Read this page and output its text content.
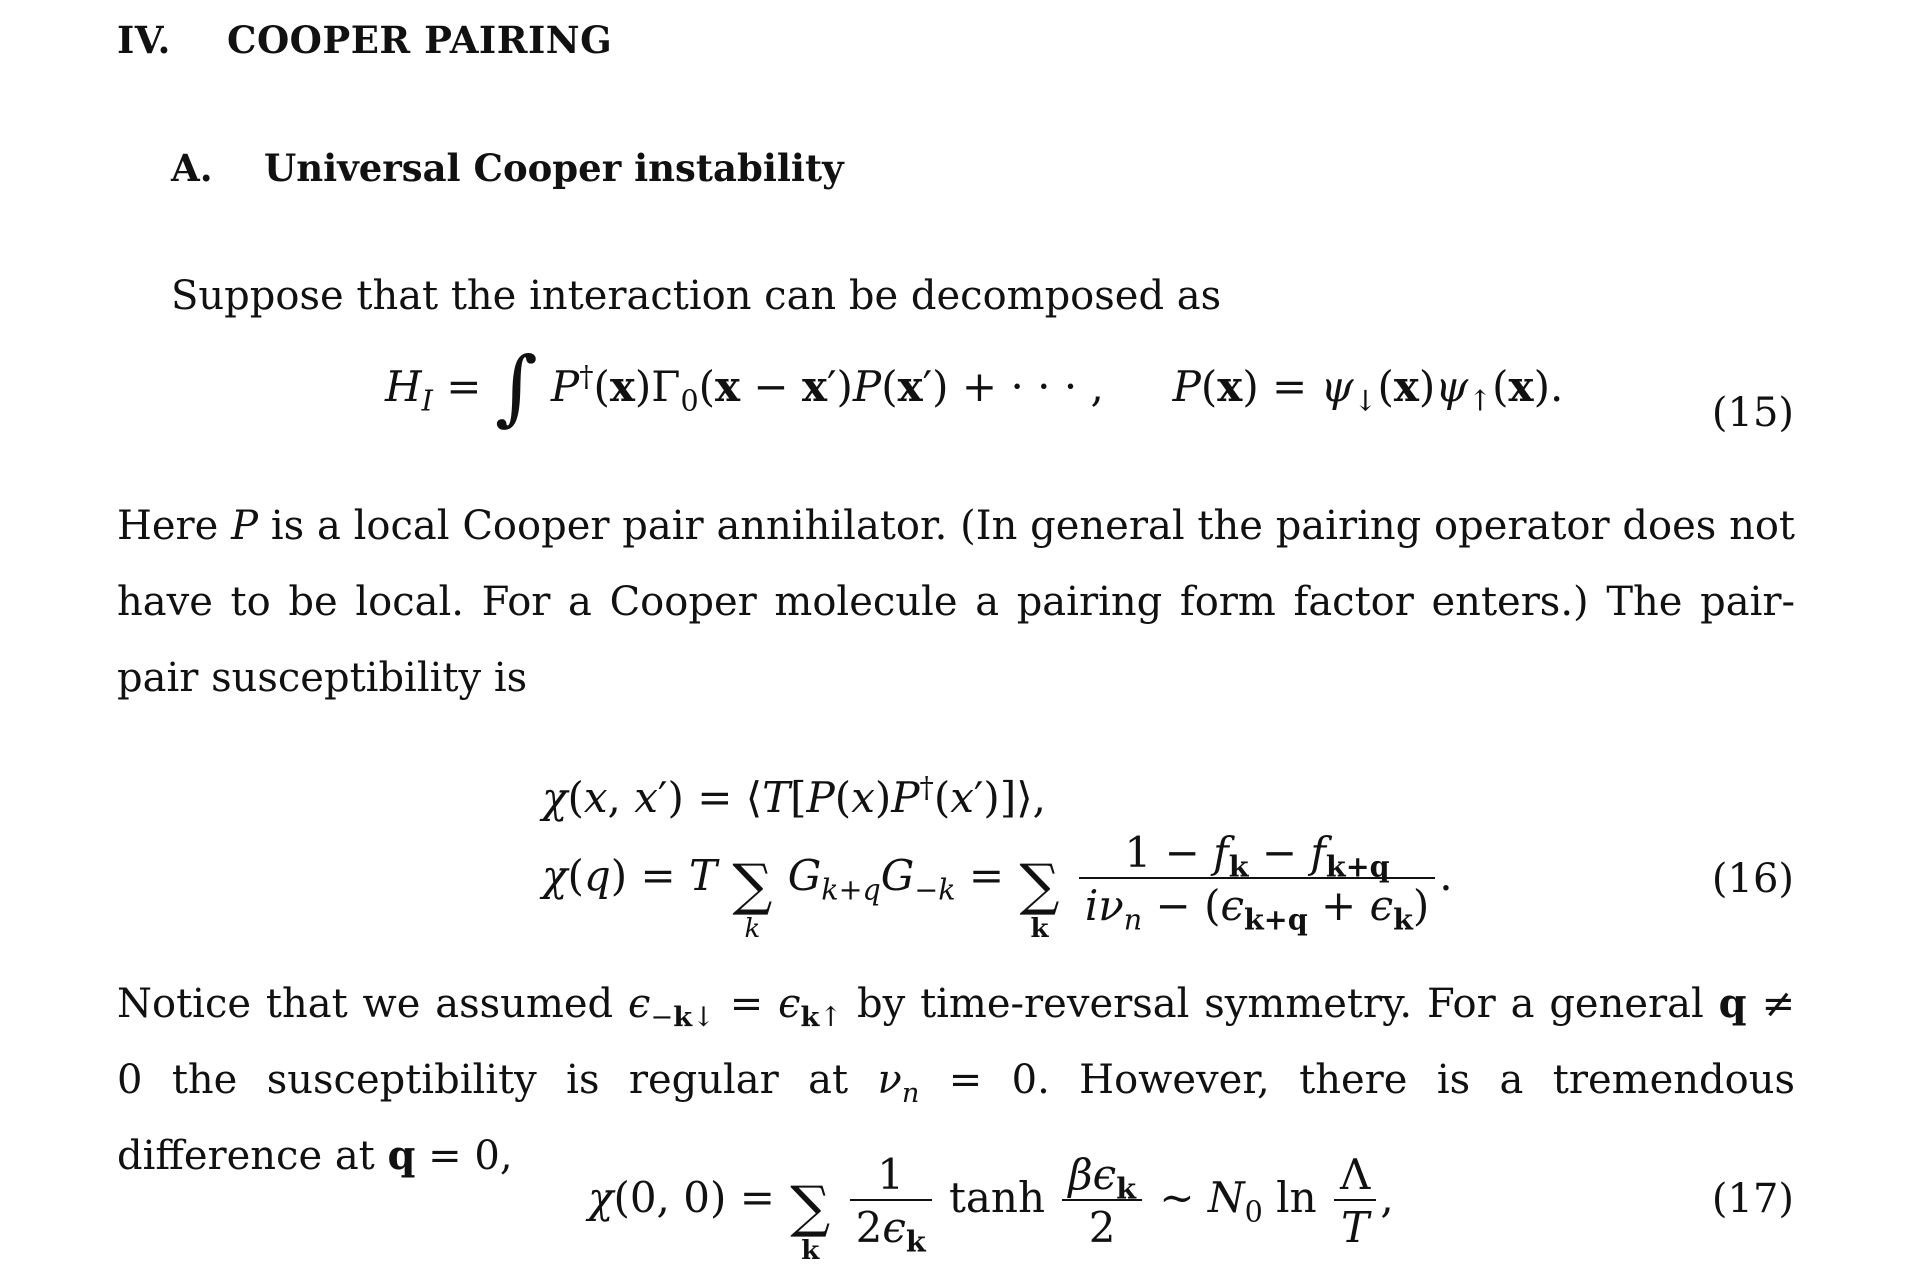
IV. COOPER PAIRING
A. Universal Cooper instability
Suppose that the interaction can be decomposed as
$H_I$ = ∫ $P^\dagger(x)\Gamma_0(x - x')P(x')$ + · · · ,  $P(x) = \psi_↓(x)\psi_↑(x)$.
(15)
Here P is a local Cooper pair annihilator. (In general the pairing operator does not have to be local. For a Cooper molecule a pairing form factor enters.) The pair-pair susceptibility is
χ(x, x′) = ⟨T[P(x)P†(x′)]⟩,
χ(q) = T ∑
k
$G_{k+q}G_{-k}$ = ∑
k
$\frac{1 - f_k - f_{k+q}}{i\nu_n - (\epsilon_{k+q} + \epsilon_k)}$ .	(16)
Notice that we assumed $\epsilon_{-k↓} = \epsilon_{k↑}$ by time-reversal symmetry. For a general q ≠ 0 the susceptibility is regular at $\nu_n = 0$. However, there is a tremendous difference at q = 0,
χ(0, 0) = ∑
k
$\frac{1}{2\epsilon_k}$ $\tanh \frac{\beta\epsilon_k}{2}$ ∼ $N_0$ $\ln \frac{\Lambda}{T}$ ,	(17)
